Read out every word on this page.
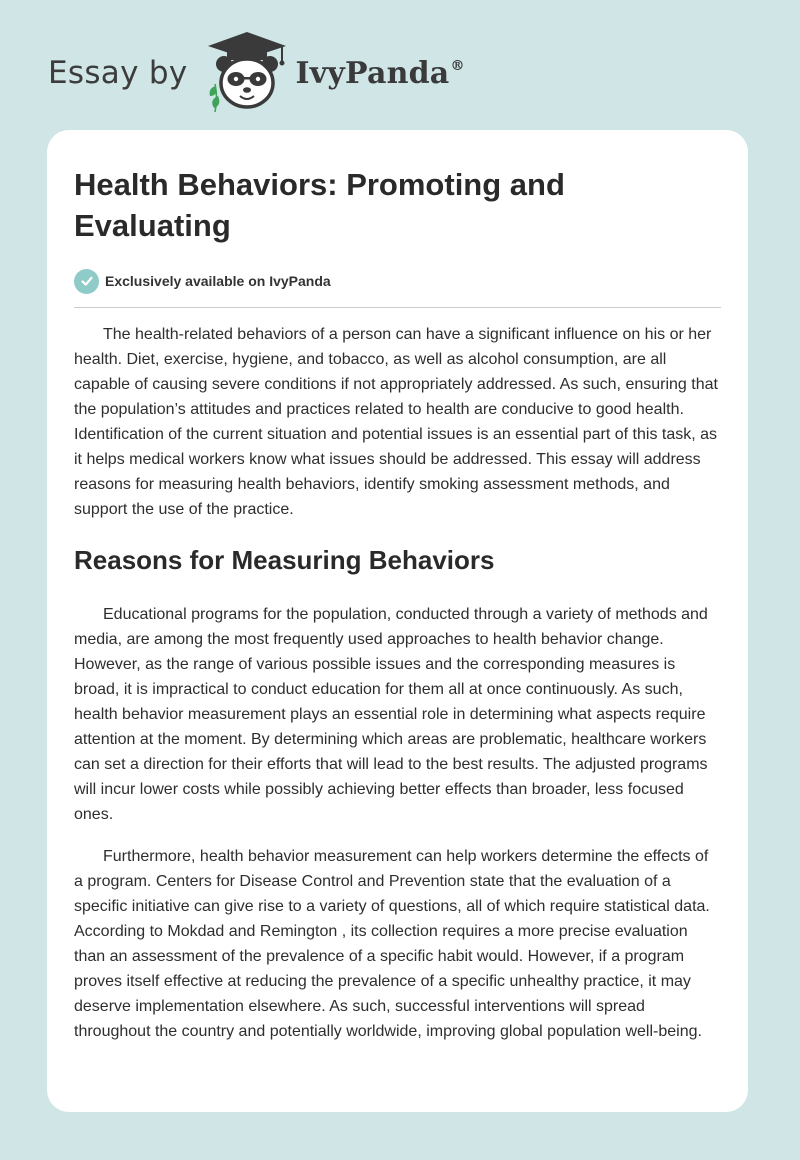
Essay by	IvyPanda®
Health Behaviors: Promoting and Evaluating
Exclusively available on IvyPanda

The health-related behaviors of a person can have a significant influence on his or her health. Diet, exercise, hygiene, and tobacco, as well as alcohol consumption, are all capable of causing severe conditions if not appropriately addressed. As such, ensuring that the population’s attitudes and practices related to health are conducive to good health. Identification of the current situation and potential issues is an essential part of this task, as it helps medical workers know what issues should be addressed. This essay will address reasons for measuring health behaviors, identify smoking assessment methods, and support the use of the practice.

Reasons for Measuring Behaviors

Educational programs for the population, conducted through a variety of methods and media, are among the most frequently used approaches to health behavior change. However, as the range of various possible issues and the corresponding measures is broad, it is impractical to conduct education for them all at once continuously. As such, health behavior measurement plays an essential role in determining what aspects require attention at the moment. By determining which areas are problematic, healthcare workers can set a direction for their efforts that will lead to the best results. The adjusted programs will incur lower costs while possibly achieving better effects than broader, less focused ones.

Furthermore, health behavior measurement can help workers determine the effects of a program. Centers for Disease Control and Prevention state that the evaluation of a specific initiative can give rise to a variety of questions, all of which require statistical data. According to Mokdad and Remington , its collection requires a more precise evaluation than an assessment of the prevalence of a specific habit would. However, if a program proves itself effective at reducing the prevalence of a specific unhealthy practice, it may deserve implementation elsewhere. As such, successful interventions will spread throughout the country and potentially worldwide, improving global population well-being.
